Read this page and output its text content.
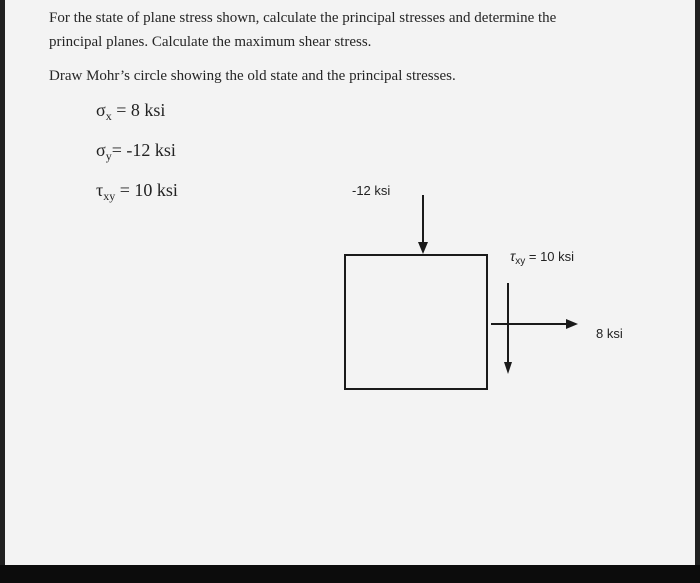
For the state of plane stress shown, calculate the principal stresses and determine the
principal planes. Calculate the maximum shear stress.
Draw Mohr’s circle showing the old state and the principal stresses.
$\sigma_x = 8$ ksi
$\sigma_y= -12$ ksi
$\tau_{xy} = 10$ ksi	-12 ksi
$\tau_{xy} = 10$ ksi
8 ksi
